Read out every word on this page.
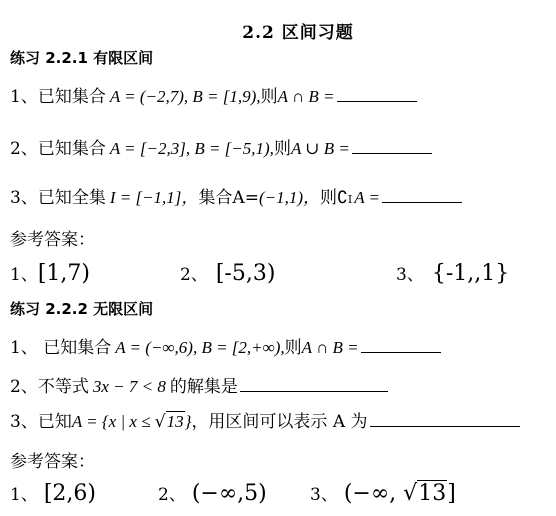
2.2 区间习题
练习 2.2.1 有限区间
1、 已知集合 A = (−2,7), B = [1,9), 则 A ∩ B =
2、 已知集合 A = [−2,3], B = [−5,1), 则 A ∪ B =
3、 已知全集 I = [−1,1]， 集合A= (−1,1)， 则 ∁ I A =
参考答案：
1、 [1,7)	2、 [-5,3)	3、 {-1,,1}
练习 2.2.2 无限区间
1、 已知集合 A = (−∞,6), B = [2,+∞), 则 A ∩ B =
2、 不等式 3x − 7 < 8 的解集是
3、 已知 A = {x | x ≤ √ 13 } ，用区间可以表示 A 为
参考答案：
1、 [2,6)	2、 (−∞,5)	3、 (−∞, √ 13 ]
